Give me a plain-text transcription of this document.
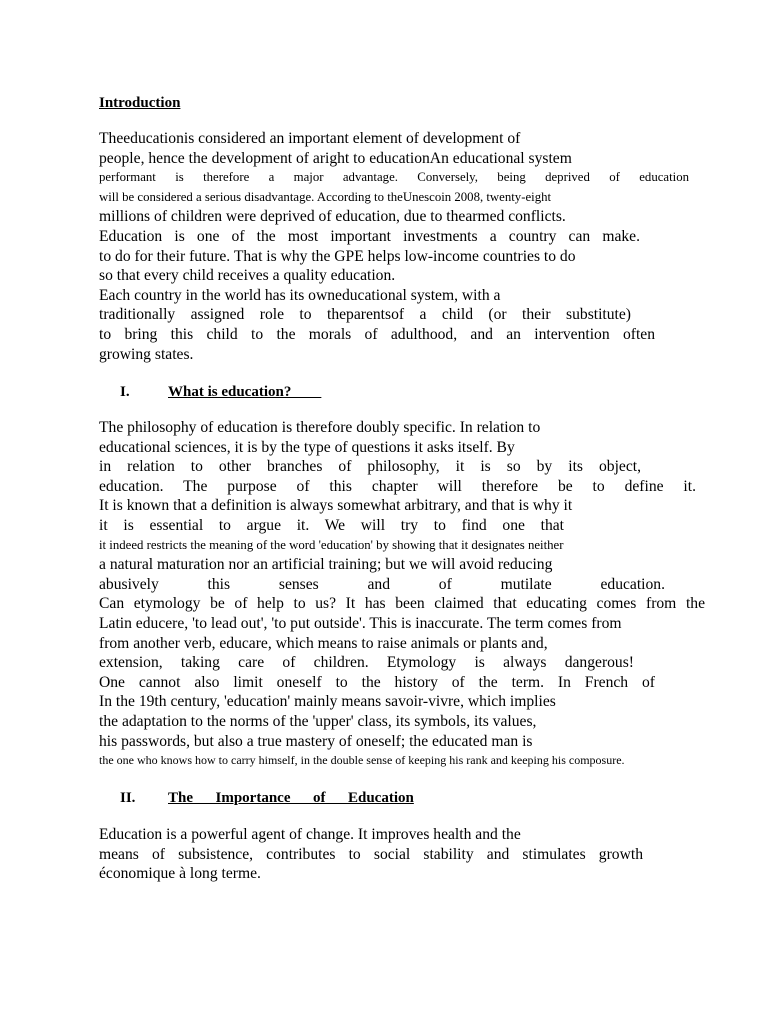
Introduction
Theeducationis considered an important element of development of
people, hence the development of aright to educationAn educational system
performant is therefore a major advantage. Conversely, being deprived of education
will be considered a serious disadvantage. According to theUnescoin 2008, twenty-eight
millions of children were deprived of education, due to thearmed conflicts.
Education is one of the most important investments a country can make.
to do for their future. That is why the GPE helps low-income countries to do
so that every child receives a quality education.
Each country in the world has its owneducational system, with a
traditionally assigned role to theparentsof a child (or their substitute)
to bring this child to the morals of adulthood, and an intervention often
growing states.
I.	What is education?
The philosophy of education is therefore doubly specific. In relation to
educational sciences, it is by the type of questions it asks itself. By
in relation to other branches of philosophy, it is so by its object,
education. The purpose of this chapter will therefore be to define it.
It is known that a definition is always somewhat arbitrary, and that is why it
it is essential to argue it. We will try to find one that
it indeed restricts the meaning of the word 'education' by showing that it designates neither
a natural maturation nor an artificial training; but we will avoid reducing
abusively this senses and of mutilate education.
Can etymology be of help to us? It has been claimed that educating comes from the
Latin educere, 'to lead out', 'to put outside'. This is inaccurate. The term comes from
from another verb, educare, which means to raise animals or plants and,
extension, taking care of children. Etymology is always dangerous!
One cannot also limit oneself to the history of the term. In French of
In the 19th century, 'education' mainly means savoir-vivre, which implies
the adaptation to the norms of the 'upper' class, its symbols, its values,
his passwords, but also a true mastery of oneself; the educated man is
the one who knows how to carry himself, in the double sense of keeping his rank and keeping his composure.
II. The      Importance      of      Education
Education is a powerful agent of change. It improves health and the
means of subsistence, contributes to social stability and stimulates growth
économique à long terme.
